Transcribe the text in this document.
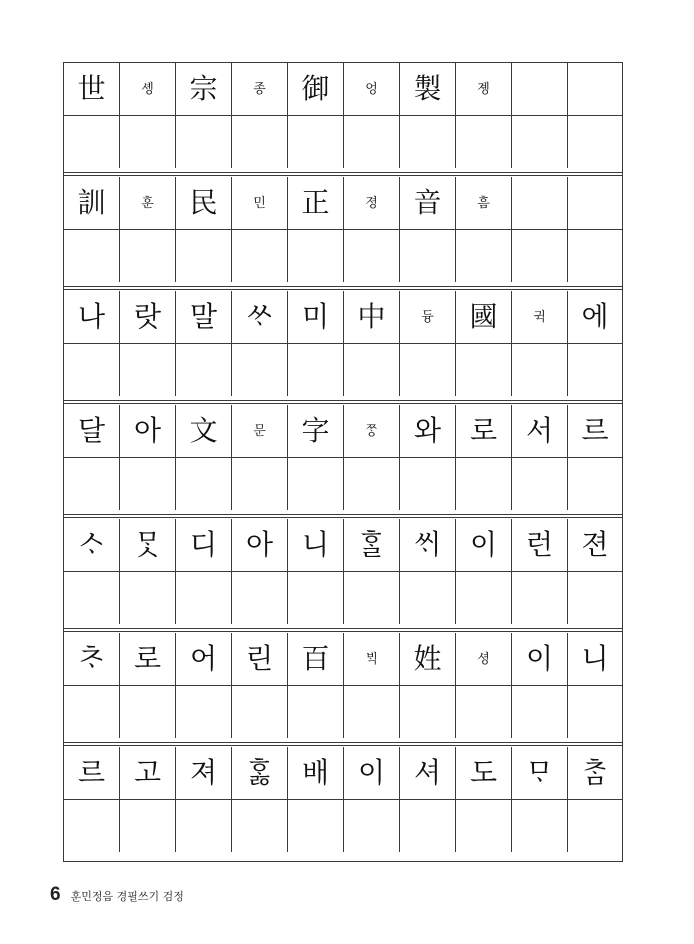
世	솅	宗	종	御	엉	製	졩
訓	훈	民	민	正	졍	音	흠
나	랏	말	ᄊᆞ	미	中	듕	國	귁	에
달	아	文	문	字	ᄍᆞᆼ	와	로	서	르
ᄉᆞ	ᄆᆞᆺ	디	아	니	ᄒᆞᆯ	ᄊᆡ	이	런	젼
ᄎᆞ	로	어	린	百	ᄇᆡᆨ	姓	셩	이	니
르	고	져	ᄒᆞᇙ	배	이	셔	도	ᄆᆞ	ᄎᆞᆷ
6 훈민정음 경필쓰기 검정
